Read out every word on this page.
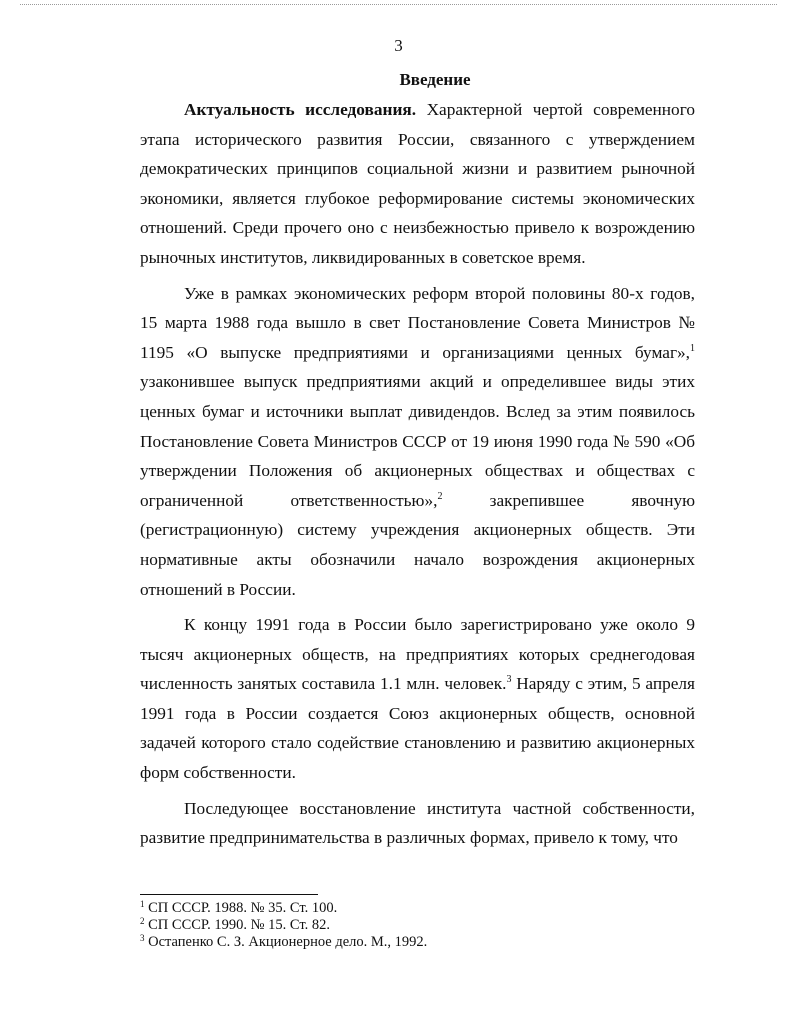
3
Введение

Актуальность исследования. Характерной чертой современного этапа исторического развития России, связанного с утверждением демократических принципов социальной жизни и развитием рыночной экономики, является глубокое реформирование системы экономических отношений. Среди прочего оно с неизбежностью привело к возрождению рыночных институтов, ликвидированных в советское время.

Уже в рамках экономических реформ второй половины 80-х годов, 15 марта 1988 года вышло в свет Постановление Совета Министров № 1195 «О выпуске предприятиями и организациями ценных бумаг»,$^1$ узаконившее выпуск предприятиями акций и определившее виды этих ценных бумаг и источники выплат дивидендов. Вслед за этим появилось Постановление Совета Министров СССР от 19 июня 1990 года № 590 «Об утверждении Положения об акционерных обществах и обществах с ограниченной ответственностью»,$^2$ закрепившее явочную (регистрационную) систему учреждения акционерных обществ. Эти нормативные акты обозначили начало возрождения акционерных отношений в России.

К концу 1991 года в России было зарегистрировано уже около 9 тысяч акционерных обществ, на предприятиях которых среднегодовая численность занятых составила 1.1 млн. человек.$^3$ Наряду с этим, 5 апреля 1991 года в России создается Союз акционерных обществ, основной задачей которого стало содействие становлению и развитию акционерных форм собственности.

Последующее восстановление института частной собственности, развитие предпринимательства в различных формах, привело к тому, что

$^1$ СП СССР. 1988. № 35. Ст. 100.
$^2$ СП СССР. 1990. № 15. Ст. 82.
$^3$ Остапенко С. З. Акционерное дело. М., 1992.
